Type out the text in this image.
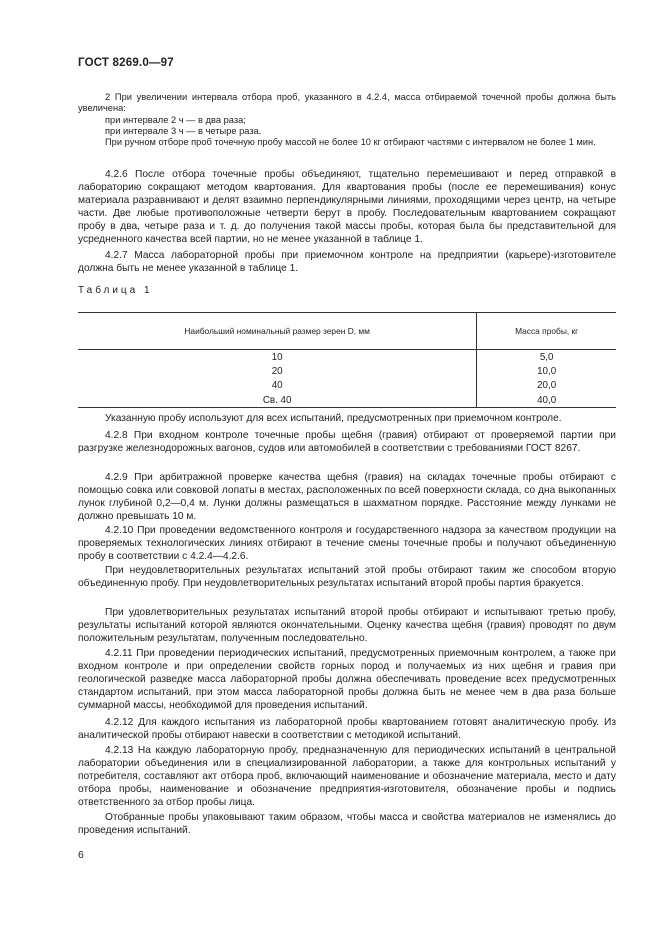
ГОСТ 8269.0—97
2 При увеличении интервала отбора проб, указанного в 4.2.4, масса отбираемой точечной пробы должна быть увеличена:
при интервале 2 ч — в два раза;
при интервале 3 ч — в четыре раза.
При ручном отборе проб точечную пробу массой не более 10 кг отбирают частями с интервалом не более 1 мин.
4.2.6 После отбора точечные пробы объединяют, тщательно перемешивают и перед отправкой в лабораторию сокращают методом квартования. Для квартования пробы (после ее перемешивания) конус материала разравнивают и делят взаимно перпендикулярными линиями, проходящими через центр, на четыре части. Две любые противоположные четверти берут в пробу. Последовательным квартованием сокращают пробу в два, четыре раза и т. д. до получения такой массы пробы, которая была бы представительной для усредненного качества всей партии, но не менее указанной в таблице 1.
4.2.7 Масса лабораторной пробы при приемочном контроле на предприятии (карьере)-изготовителе должна быть не менее указанной в таблице 1.
Таблица 1
Наибольший номинальный размер зерен D, мм	Масса пробы, кг
10	5,0
20	10,0
40	20,0
Св. 40	40,0
Указанную пробу используют для всех испытаний, предусмотренных при приемочном контроле.
4.2.8 При входном контроле точечные пробы щебня (гравия) отбирают от проверяемой партии при разгрузке железнодорожных вагонов, судов или автомобилей в соответствии с требованиями ГОСТ 8267.
4.2.9 При арбитражной проверке качества щебня (гравия) на складах точечные пробы отбирают с помощью совка или совковой лопаты в местах, расположенных по всей поверхности склада, со дна выкопанных лунок глубиной 0,2—0,4 м. Лунки должны размещаться в шахматном порядке. Расстояние между лунками не должно превышать 10 м.
4.2.10 При проведении ведомственного контроля и государственного надзора за качеством продукции на проверяемых технологических линиях отбирают в течение смены точечные пробы и получают объединенную пробу в соответствии с 4.2.4—4.2.6.
При неудовлетворительных результатах испытаний этой пробы отбирают таким же способом вторую объединенную пробу. При неудовлетворительных результатах испытаний второй пробы партия бракуется.
При удовлетворительных результатах испытаний второй пробы отбирают и испытывают третью пробу, результаты испытаний которой являются окончательными. Оценку качества щебня (гравия) проводят по двум положительным результатам, полученным последовательно.
4.2.11 При проведении периодических испытаний, предусмотренных приемочным контролем, а также при входном контроле и при определении свойств горных пород и получаемых из них щебня и гравия при геологической разведке масса лабораторной пробы должна обеспечивать проведение всех предусмотренных стандартом испытаний, при этом масса лабораторной пробы должна быть не менее чем в два раза больше суммарной массы, необходимой для проведения испытаний.
4.2.12 Для каждого испытания из лабораторной пробы квартованием готовят аналитическую пробу. Из аналитической пробы отбирают навески в соответствии с методикой испытаний.
4.2.13 На каждую лабораторную пробу, предназначенную для периодических испытаний в центральной лаборатории объединения или в специализированной лаборатории, а также для контрольных испытаний у потребителя, составляют акт отбора проб, включающий наименование и обозначение материала, место и дату отбора пробы, наименование и обозначение предприятия-изготовителя, обозначение пробы и подпись ответственного за отбор пробы лица.
Отобранные пробы упаковывают таким образом, чтобы масса и свойства материалов не изменялись до проведения испытаний.
6
